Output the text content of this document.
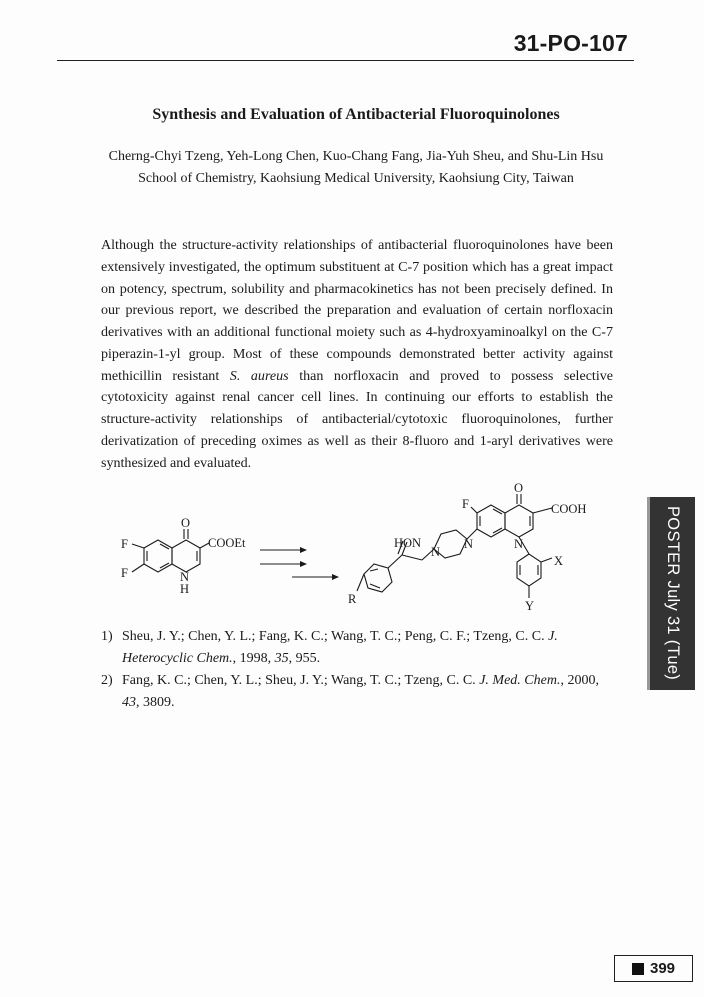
31-PO-107
Synthesis and Evaluation of Antibacterial Fluoroquinolones
Cherng-Chyi Tzeng, Yeh-Long Chen, Kuo-Chang Fang, Jia-Yuh Sheu, and Shu-Lin Hsu
School of Chemistry, Kaohsiung Medical University, Kaohsiung City, Taiwan

Although the structure-activity relationships of antibacterial fluoroquinolones have been extensively investigated, the optimum substituent at C-7 position which has a great impact on potency, spectrum, solubility and pharmacokinetics has not been precisely defined. In our previous report, we described the preparation and evaluation of certain norfloxacin derivatives with an additional functional moiety such as 4-hydroxyaminoalkyl on the C-7 piperazin-1-yl group. Most of these compounds demonstrated better activity against methicillin resistant S. aureus than norfloxacin and proved to possess selective cytotoxicity against renal cancer cell lines. In continuing our efforts to establish the structure-activity relationships of antibacterial/cytotoxic fluoroquinolones, further derivatization of preceding oximes as well as their 8-fluoro and 1-aryl derivatives were synthesized and evaluated.

O
COOEt
F
F	N
H
O
COOH
F
N
N
N
HON
R
X
Y
1) Sheu, J. Y.; Chen, Y. L.; Fang, K. C.; Wang, T. C.; Peng, C. F.; Tzeng, C. C. J. Heterocyclic Chem., 1998, 35, 955.
2) Fang, K. C.; Chen, Y. L.; Sheu, J. Y.; Wang, T. C.; Tzeng, C. C. J. Med. Chem., 2000, 43, 3809.
POSTER July 31 (Tue)
399
